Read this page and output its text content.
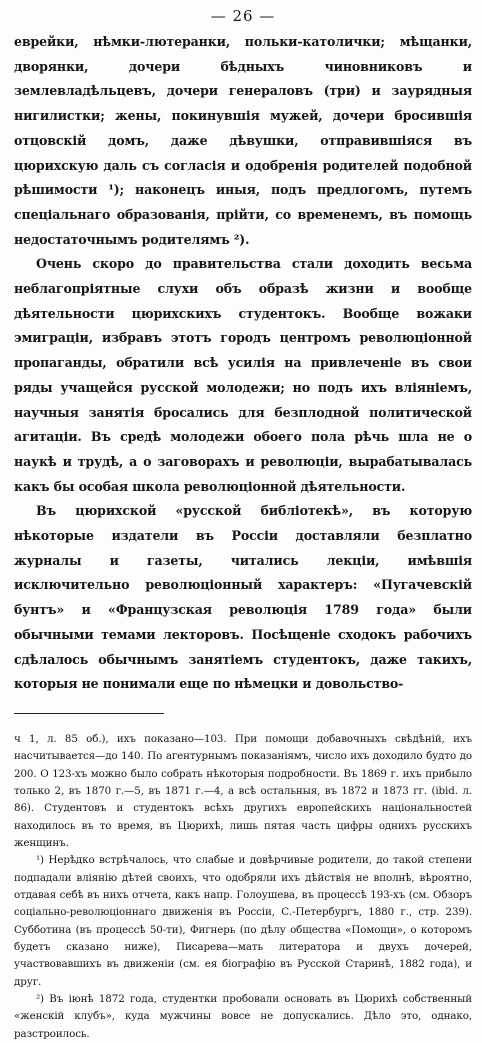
— 26 —

еврейки, нѣмки-лютеранки, польки-католички; мѣщанки, дворянки, дочери бѣдныхъ чиновниковъ и землевладѣльцевъ, дочери генераловъ (три) и заурядныя нигилистки; жены, покинувшія мужей, дочери бросившія отцовскій домъ, даже дѣвушки, отправившіяся въ цюрихскую даль съ согласія и одобренія родителей подобной рѣшимости ¹); наконецъ иныя, подъ предлогомъ, путемъ спеціальнаго образованія, прійти, со временемъ, въ помощь недостаточнымъ родителямъ ²).

Очень скоро до правительства стали доходить весьма неблагопріятные слухи объ образѣ жизни и вообще дѣятельности цюрихскихъ студентокъ. Вообще вожаки эмиграціи, избравъ этотъ городъ центромъ революціонной пропаганды, обратили всѣ усилія на привлеченіе въ свои ряды учащейся русской молодежи; но подъ ихъ вліяніемъ, научныя занятія бросались для безплодной политической агитаціи. Въ средѣ молодежи обоего пола рѣчь шла не о наукѣ и трудѣ, а о заговорахъ и революціи, вырабатывалась какъ бы особая школа революціонной дѣятельности.

Въ цюрихской «русской библіотекѣ», въ которую нѣкоторые издатели въ Россіи доставляли безплатно журналы и газеты, читались лекціи, имѣвшія исключительно революціонный характеръ: «Пугачевскій бунтъ» и «Французская революція 1789 года» были обычными темами лекторовъ. Посѣщеніе сходокъ рабочихъ сдѣлалось обычнымъ занятіемъ студентокъ, даже такихъ, которыя не понимали еще по нѣмецки и довольство-

ч 1, л. 85 об.), ихъ показано—103. При помощи добавочныхъ свѣдѣній, ихъ насчитывается—до 140. По агентурнымъ показаніямъ, число ихъ доходило будто до 200. О 123-хъ можно было собрать нѣкоторыя подробности. Въ 1869 г. ихъ прибыло только 2, въ 1870 г.—5, въ 1871 г.—4, а всѣ остальныя, въ 1872 и 1873 гг. (ibid. л. 86). Студентовъ и студентокъ всѣхъ другихъ европейскихъ національностей находилось въ то время, въ Цюрихѣ, лишь пятая часть цифры однихъ русскихъ женщинъ.

¹) Нерѣдко встрѣчалось, что слабые и довѣрчивые родители, до такой степени подпадали вліянію дѣтей своихъ, что одобряли ихъ дѣйствія не вполнѣ, вѣроятно, отдавая себѣ въ нихъ отчета, какъ напр. Голоушева, въ процессѣ 193-хъ (см. Обзоръ соціально-революціоннаго движенія въ Россіи, С.-Петербургъ, 1880 г., стр. 239). Субботина (въ процессѣ 50-ти), Фигнерь (по дѣлу общества «Помощи», о которомъ будетъ сказано ниже), Писарева—мать литератора и двухъ дочерей, участвовавшихъ въ движеніи (см. ея біографію въ Русской Старинѣ, 1882 года), и друг.

²) Въ іюнѣ 1872 года, студентки пробовали основать въ Цюрихѣ собственный «женскій клубъ», куда мужчины вовсе не допускались. Дѣло это, однако, разстроилось.
